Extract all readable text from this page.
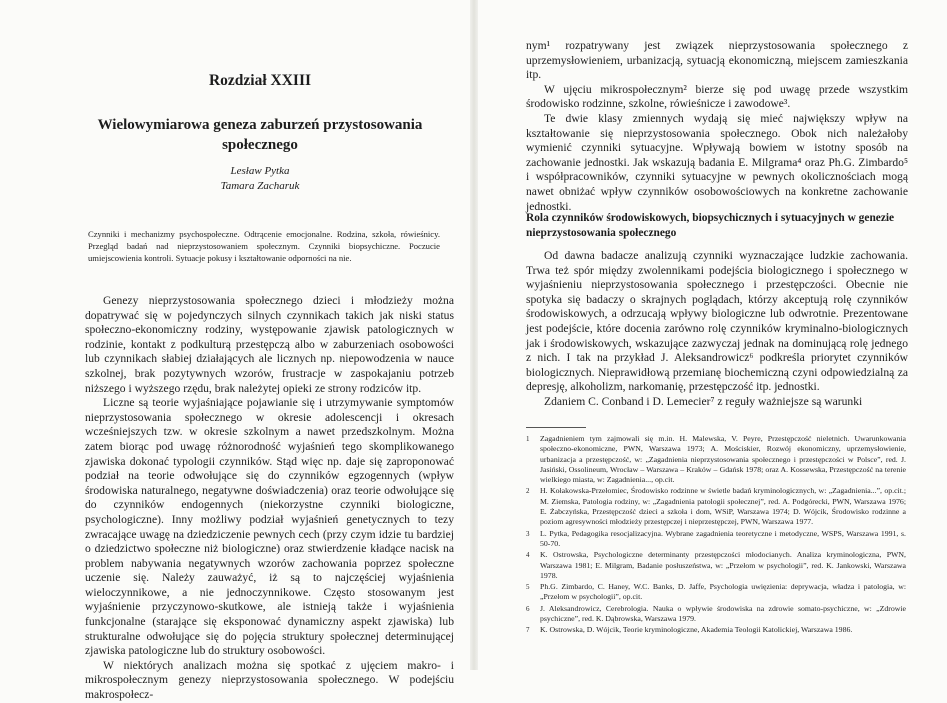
Rozdział XXIII
Wielowymiarowa geneza zaburzeń przystosowania społecznego
Lesław Pytka
Tamara Zacharuk
Czynniki i mechanizmy psychospołeczne. Odtrącenie emocjonalne. Rodzina, szkoła, rówieśnicy. Przegląd badań nad nieprzystosowaniem społecznym. Czynniki biopsychiczne. Poczucie umiejscowienia kontroli. Sytuacje pokusy i kształtowanie odporności na nie.

Genezy nieprzystosowania społecznego dzieci i młodzieży można dopatrywać się w pojedynczych silnych czynnikach takich jak niski status społeczno-ekonomiczny rodziny, występowanie zjawisk patologicznych w rodzinie, kontakt z podkulturą przestępczą albo w zaburzeniach osobowości lub czynnikach słabiej działających ale licznych np. niepowodzenia w nauce szkolnej, brak pozytywnych wzorów, frustracje w zaspokajaniu potrzeb niższego i wyższego rzędu, brak należytej opieki ze strony rodziców itp.

Liczne są teorie wyjaśniające pojawianie się i utrzymywanie symptomów nieprzystosowania społecznego w okresie adolescencji i okresach wcześniejszych tzw. w okresie szkolnym a nawet przedszkolnym. Można zatem biorąc pod uwagę różnorodność wyjaśnień tego skomplikowanego zjawiska dokonać typologii czynników. Stąd więc np. daje się zaproponować podział na teorie odwołujące się do czynników egzogennych (wpływ środowiska naturalnego, negatywne doświadczenia) oraz teorie odwołujące się do czynników endogennych (niekorzystne czynniki biologiczne, psychologiczne). Inny możliwy podział wyjaśnień genetycznych to tezy zwracające uwagę na dziedziczenie pewnych cech (przy czym idzie tu bardziej o dziedzictwo społeczne niż biologiczne) oraz stwierdzenie kładące nacisk na problem nabywania negatywnych wzorów zachowania poprzez społeczne uczenie się. Należy zauważyć, iż są to najczęściej wyjaśnienia wieloczynnikowe, a nie jednoczynnikowe. Często stosowanym jest wyjaśnienie przyczynowo-skutkowe, ale istnieją także i wyjaśnienia funkcjonalne (starające się eksponować dynamiczny aspekt zjawiska) lub strukturalne odwołujące się do pojęcia struktury społecznej determinującej zjawiska patologiczne lub do struktury osobowości.

W niektórych analizach można się spotkać z ujęciem makro- i mikrospołecznym genezy nieprzystosowania społecznego. W podejściu makrospołecz-

nym¹ rozpatrywany jest związek nieprzystosowania społecznego z uprzemysłowieniem, urbanizacją, sytuacją ekonomiczną, miejscem zamieszkania itp.

W ujęciu mikrospołecznym² bierze się pod uwagę przede wszystkim środowisko rodzinne, szkolne, rówieśnicze i zawodowe³.

Te dwie klasy zmiennych wydają się mieć największy wpływ na kształtowanie się nieprzystosowania społecznego. Obok nich należałoby wymienić czynniki sytuacyjne. Wpływają bowiem w istotny sposób na zachowanie jednostki. Jak wskazują badania E. Milgrama⁴ oraz Ph.G. Zimbardo⁵ i współpracowników, czynniki sytuacyjne w pewnych okolicznościach mogą nawet obniżać wpływ czynników osobowościowych na konkretne zachowanie jednostki.

Rola czynników środowiskowych, biopsychicznych i sytuacyjnych w genezie nieprzystosowania społecznego

Od dawna badacze analizują czynniki wyznaczające ludzkie zachowania. Trwa też spór między zwolennikami podejścia biologicznego i społecznego w wyjaśnieniu nieprzystosowania społecznego i przestępczości. Obecnie nie spotyka się badaczy o skrajnych poglądach, którzy akceptują rolę czynników środowiskowych, a odrzucają wpływy biologiczne lub odwrotnie. Prezentowane jest podejście, które docenia zarówno rolę czynników kryminalno-biologicznych jak i środowiskowych, wskazujące zazwyczaj jednak na dominującą rolę jednego z nich. I tak na przykład J. Aleksandrowicz⁶ podkreśla priorytet czynników biologicznych. Nieprawidłową przemianę biochemiczną czyni odpowiedzialną za depresję, alkoholizm, narkomanię, przestępczość itp. jednostki.

Zdaniem C. Conband i D. Lemecier⁷ z reguły ważniejsze są warunki

1	Zagadnieniem tym zajmowali się m.in. H. Malewska, V. Peyre, Przestępczość nieletnich. Uwarunkowania społeczno-ekonomiczne, PWN, Warszawa 1973; A. Mościskier, Rozwój ekonomiczny, uprzemysłowienie, urbanizacja a przestępczość, w: „Zagadnienia nieprzystosowania społecznego i przestępczości w Polsce”, red. J. Jasiński, Ossolineum, Wrocław – Warszawa – Kraków – Gdańsk 1978; oraz A. Kossewska, Przestępczość na terenie wielkiego miasta, w: Zagadnienia..., op.cit.
2	H. Kołakowska-Przełomiec, Środowisko rodzinne w świetle badań kryminologicznych, w: „Zagadnienia...”, op.cit.; M. Ziemska, Patologia rodziny, w: „Zagadnienia patologii społecznej”, red. A. Podgórecki, PWN, Warszawa 1976; E. Żabczyńska, Przestępczość dzieci a szkoła i dom, WSiP, Warszawa 1974; D. Wójcik, Środowisko rodzinne a poziom agresywności młodzieży przestępczej i nieprzestępczej, PWN, Warszawa 1977.
3	L. Pytka, Pedagogika resocjalizacyjna. Wybrane zagadnienia teoretyczne i metodyczne, WSPS, Warszawa 1991, s. 50-70.
4	K. Ostrowska, Psychologiczne determinanty przestępczości młodocianych. Analiza kryminologiczna, PWN, Warszawa 1981; E. Milgram, Badanie posłuszeństwa, w: „Przełom w psychologii”, red. K. Jankowski, Warszawa 1978.
5	Ph.G. Zimbardo, C. Haney, W.C. Banks, D. Jaffe, Psychologia uwięzienia: deprywacja, władza i patologia, w: „Przełom w psychologii”, op.cit.
6	J. Aleksandrowicz, Cerebrologia. Nauka o wpływie środowiska na zdrowie somato-psychiczne, w: „Zdrowie psychiczne”, red. K. Dąbrowska, Warszawa 1979.
7	K. Ostrowska, D. Wójcik, Teorie kryminologiczne, Akademia Teologii Katolickiej, Warszawa 1986.
